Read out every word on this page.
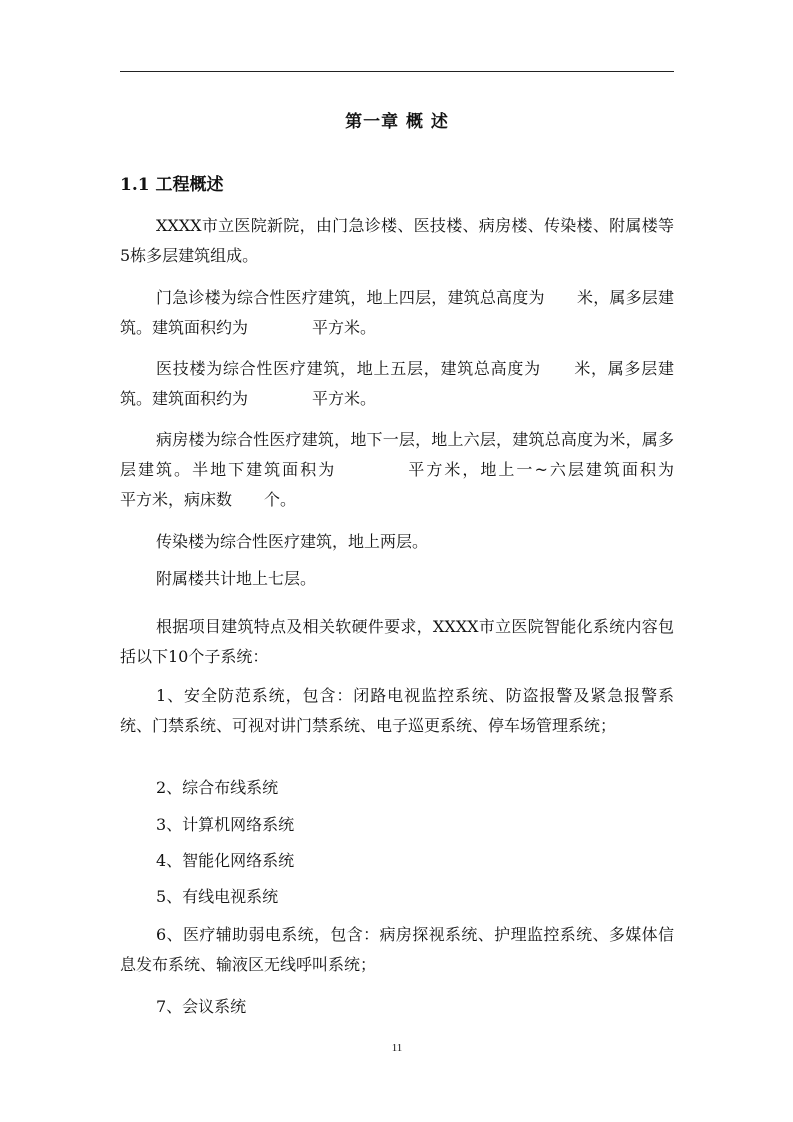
第一章 概 述
1.1 工程概述

XXXX市立医院新院，由门急诊楼、医技楼、病房楼、传染楼、附属楼等5栋多层建筑组成。

门急诊楼为综合性医疗建筑，地上四层，建筑总高度为　　米，属多层建筑。建筑面积约为　　　　平方米。

医技楼为综合性医疗建筑，地上五层，建筑总高度为　　米，属多层建筑。建筑面积约为　　　　平方米。

病房楼为综合性医疗建筑，地下一层，地上六层，建筑总高度为米，属多层建筑。半地下建筑面积为　　　　平方米，地上一~六层建筑面积为　　　　平方米，病床数　　个。

传染楼为综合性医疗建筑，地上两层。

附属楼共计地上七层。

根据项目建筑特点及相关软硬件要求，XXXX市立医院智能化系统内容包括以下10个子系统：

1、安全防范系统，包含：闭路电视监控系统、防盗报警及紧急报警系统、门禁系统、可视对讲门禁系统、电子巡更系统、停车场管理系统；

2、综合布线系统

3、计算机网络系统

4、智能化网络系统

5、有线电视系统

6、医疗辅助弱电系统，包含：病房探视系统、护理监控系统、多媒体信息发布系统、输液区无线呼叫系统；

7、会议系统

11
